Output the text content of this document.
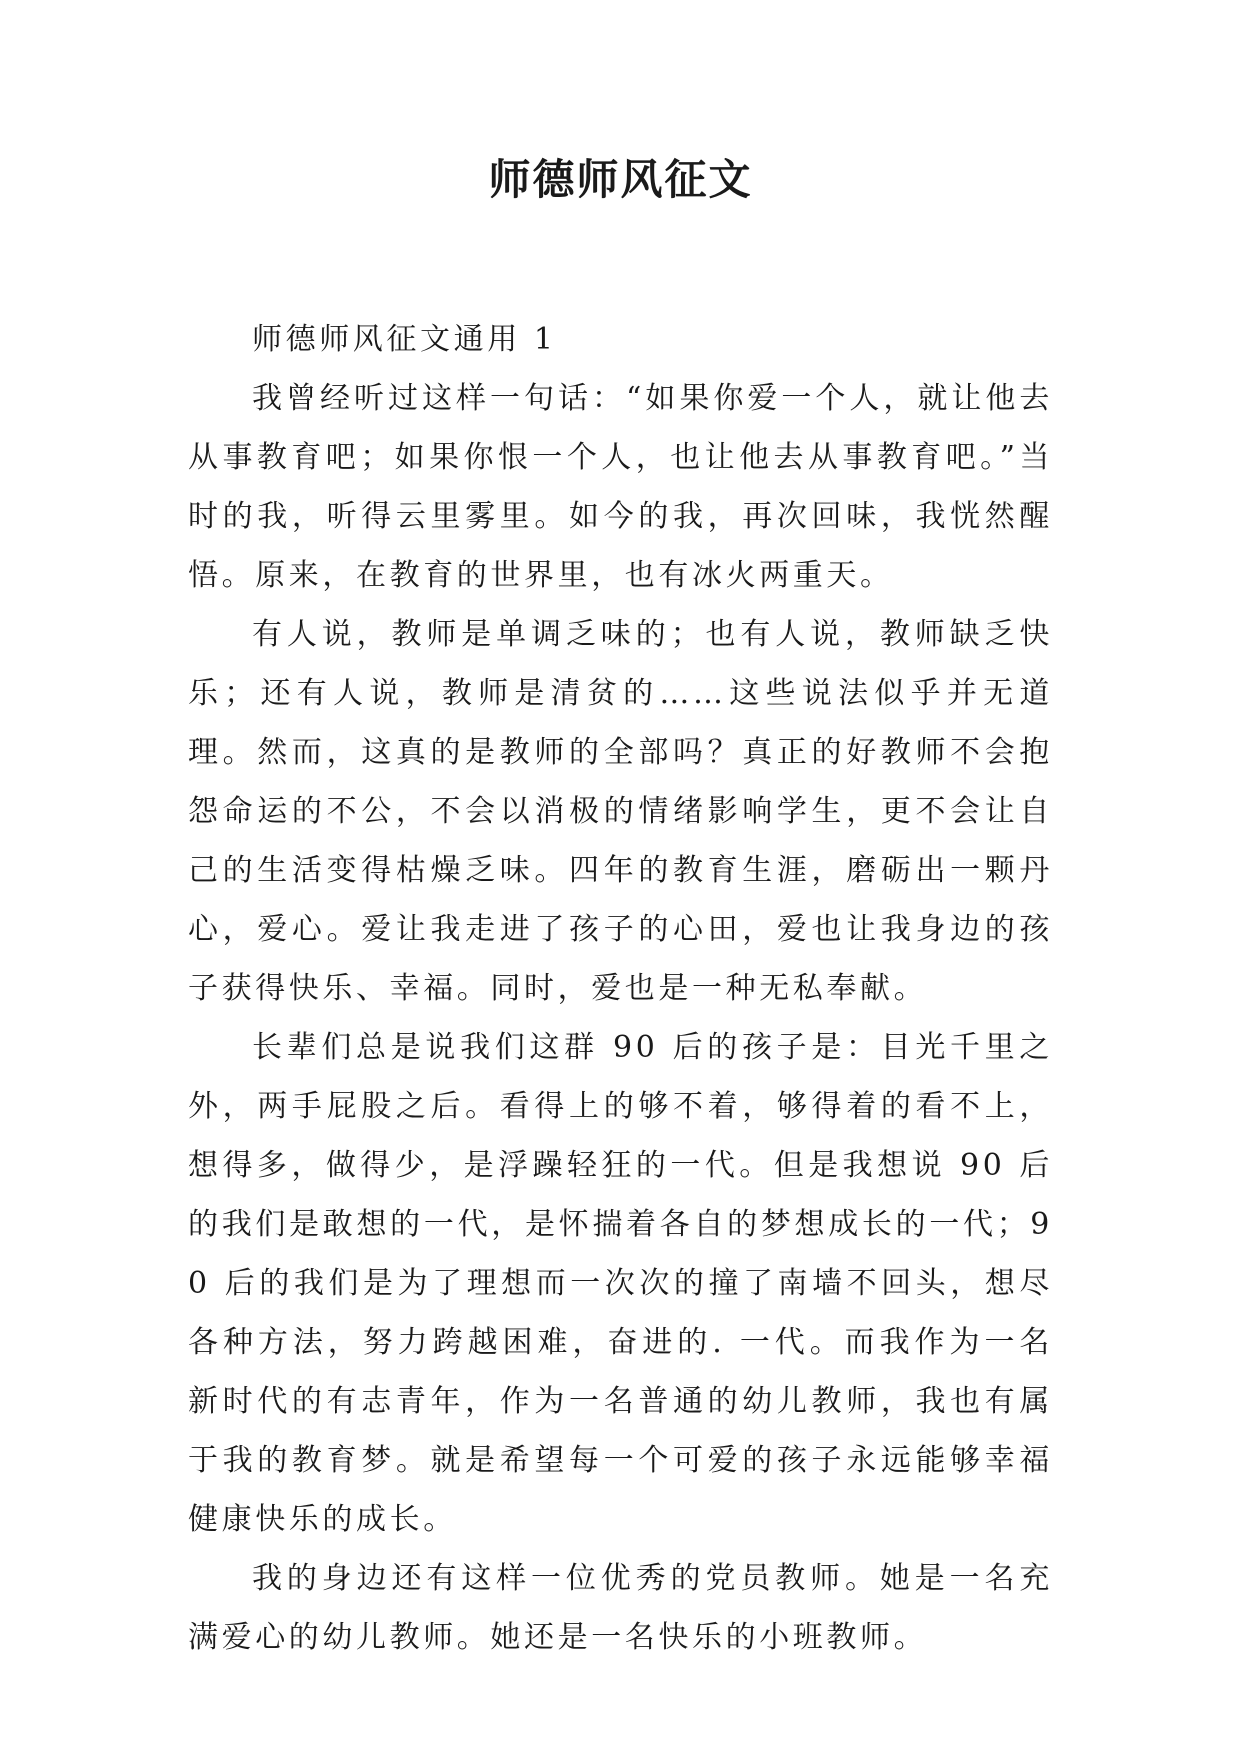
师德师风征文

师德师风征文通用 1

我曾经听过这样一句话：“如果你爱一个人，就让他去从事教育吧；如果你恨一个人，也让他去从事教育吧。”当时的我，听得云里雾里。如今的我，再次回味，我恍然醒悟。原来，在教育的世界里，也有冰火两重天。

有人说，教师是单调乏味的；也有人说，教师缺乏快乐；还有人说，教师是清贫的……这些说法似乎并无道理。然而，这真的是教师的全部吗？真正的好教师不会抱怨命运的不公，不会以消极的情绪影响学生，更不会让自己的生活变得枯燥乏味。四年的教育生涯，磨砺出一颗丹心，爱心。爱让我走进了孩子的心田，爱也让我身边的孩子获得快乐、幸福。同时，爱也是一种无私奉献。

长辈们总是说我们这群 90 后的孩子是：目光千里之外，两手屁股之后。看得上的够不着，够得着的看不上，想得多，做得少，是浮躁轻狂的一代。但是我想说 90 后的我们是敢想的一代，是怀揣着各自的梦想成长的一代；90 后的我们是为了理想而一次次的撞了南墙不回头，想尽各种方法，努力跨越困难，奋进的. 一代。而我作为一名新时代的有志青年，作为一名普通的幼儿教师，我也有属于我的教育梦。就是希望每一个可爱的孩子永远能够幸福健康快乐的成长。

我的身边还有这样一位优秀的党员教师。她是一名充满爱心的幼儿教师。她还是一名快乐的小班教师。
